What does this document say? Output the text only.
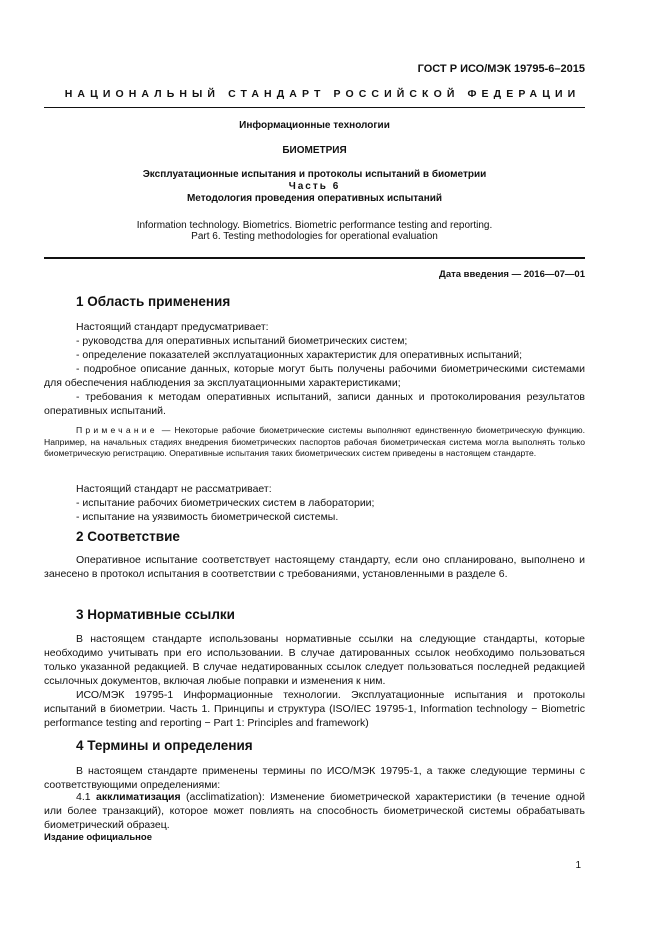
ГОСТ Р ИСО/МЭК 19795-6–2015
НАЦИОНАЛЬНЫЙ СТАНДАРТ РОССИЙСКОЙ ФЕДЕРАЦИИ
Информационные технологии
БИОМЕТРИЯ
Эксплуатационные испытания и протоколы испытаний в биометрии
Часть 6
Методология проведения оперативных испытаний
Information technology. Biometrics. Biometric performance testing and reporting.
Part 6. Testing methodologies for operational evaluation
Дата введения — 2016—07—01
1 Область применения
Настоящий стандарт предусматривает:
- руководства для оперативных испытаний биометрических систем;
- определение показателей эксплуатационных характеристик для оперативных испытаний;
- подробное описание данных, которые могут быть получены рабочими биометрическими системами для обеспечения наблюдения за эксплуатационными характеристиками;
- требования к методам оперативных испытаний, записи данных и протоколирования результатов оперативных испытаний.
Примечание — Некоторые рабочие биометрические системы выполняют единственную биометрическую функцию. Например, на начальных стадиях внедрения биометрических паспортов рабочая биометрическая система могла выполнять только биометрическую регистрацию. Оперативные испытания таких биометрических систем приведены в настоящем стандарте.
Настоящий стандарт не рассматривает:
- испытание рабочих биометрических систем в лаборатории;
- испытание на уязвимость биометрической системы.
2 Соответствие
Оперативное испытание соответствует настоящему стандарту, если оно спланировано, выполнено и занесено в протокол испытания в соответствии с требованиями, установленными в разделе 6.
3 Нормативные ссылки
В настоящем стандарте использованы нормативные ссылки на следующие стандарты, которые необходимо учитывать при его использовании. В случае датированных ссылок необходимо пользоваться только указанной редакцией. В случае недатированных ссылок следует пользоваться последней редакцией ссылочных документов, включая любые поправки и изменения к ним.
ИСО/МЭК 19795-1 Информационные технологии. Эксплуатационные испытания и протоколы испытаний в биометрии. Часть 1. Принципы и структура (ISO/IEC 19795-1, Information technology − Biometric performance testing and reporting − Part 1: Principles and framework)
4 Термины и определения
В настоящем стандарте применены термины по ИСО/МЭК 19795-1, а также следующие термины с соответствующими определениями:
4.1 акклиматизация (acclimatization): Изменение биометрической характеристики (в течение одной или более транзакций), которое может повлиять на способность биометрической системы обрабатывать биометрический образец.
Издание официальное
1
